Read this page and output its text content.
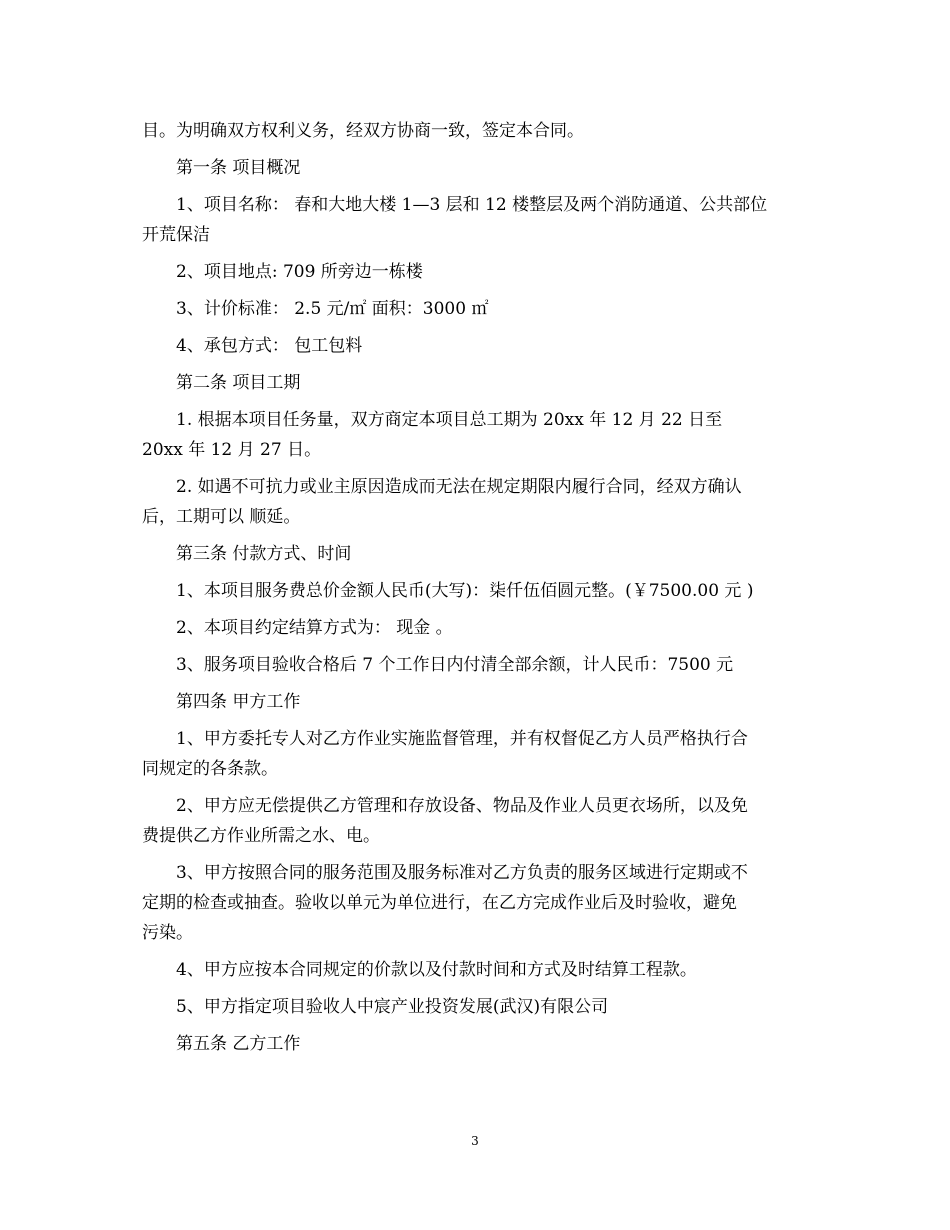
目。为明确双方权利义务，经双方协商一致，签定本合同。
第一条 项目概况
1、项目名称： 春和大地大楼 1—3 层和 12 楼整层及两个消防通道、公共部位
开荒保洁
2、项目地点: 709 所旁边一栋楼
3、计价标准： 2.5 元/㎡ 面积：3000 ㎡
4、承包方式： 包工包料
第二条 项目工期
1. 根据本项目任务量，双方商定本项目总工期为 20xx 年 12 月 22 日至
20xx 年 12 月 27 日。
2. 如遇不可抗力或业主原因造成而无法在规定期限内履行合同，经双方确认
后，工期可以 顺延。
第三条 付款方式、时间
1、本项目服务费总价金额人民币(大写)：柒仟伍佰圆元整。(￥7500.00 元 )
2、本项目约定结算方式为： 现金 。
3、服务项目验收合格后 7 个工作日内付清全部余额，计人民币：7500 元
第四条 甲方工作
1、甲方委托专人对乙方作业实施监督管理，并有权督促乙方人员严格执行合
同规定的各条款。
2、甲方应无偿提供乙方管理和存放设备、物品及作业人员更衣场所，以及免
费提供乙方作业所需之水、电。
3、甲方按照合同的服务范围及服务标准对乙方负责的服务区域进行定期或不
定期的检查或抽查。验收以单元为单位进行，在乙方完成作业后及时验收，避免
污染。
4、甲方应按本合同规定的价款以及付款时间和方式及时结算工程款。
5、甲方指定项目验收人中宸产业投资发展(武汉)有限公司
第五条 乙方工作
3
